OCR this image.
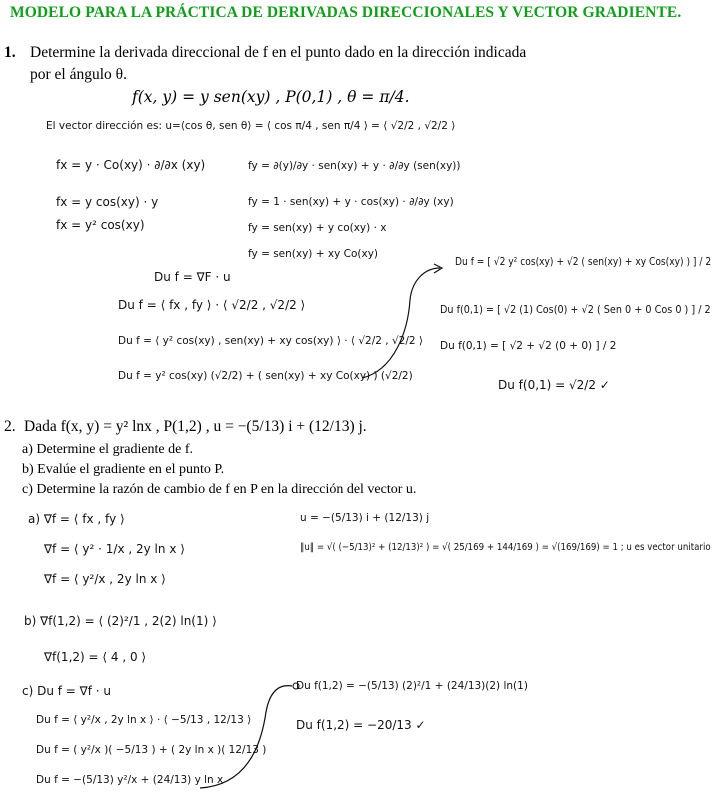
MODELO PARA LA PRÁCTICA DE DERIVADAS DIRECCIONALES Y VECTOR GRADIENTE.
1. Determine la derivada direccional de f en el punto dado en la dirección indicada
por el ángulo θ.
f(x, y) = y sen(xy) , P(0,1) , θ = π/4.
El vector dirección es: u=⟨cos θ, sen θ⟩ = ⟨ cos π/4 , sen π/4 ⟩ = ⟨ √2/2 , √2/2 ⟩
fx = y · Co(xy) · ∂/∂x (xy)
fx = y cos(xy) · y
fx = y² cos(xy)
fy = ∂(y)/∂y · sen(xy) + y · ∂/∂y (sen(xy))
fy = 1 · sen(xy) + y · cos(xy) · ∂/∂y (xy)
fy = sen(xy) + y co(xy) · x
fy = sen(xy) + xy Co(xy)
Du f = ∇F · u
Du f = ⟨ fx , fy ⟩ · ⟨ √2/2 , √2/2 ⟩
Du f = ⟨ y² cos(xy) , sen(xy) + xy cos(xy) ⟩ · ⟨ √2/2 , √2/2 ⟩
Du f = y² cos(xy) (√2/2) + ( sen(xy) + xy Co(xy) ) (√2/2)
Du f = [ √2 y² cos(xy) + √2 ( sen(xy) + xy Cos(xy) ) ] / 2
Du f(0,1) = [ √2 (1) Cos(0) + √2 ( Sen 0 + 0 Cos 0 ) ] / 2
Du f(0,1) = [ √2 + √2 (0 + 0) ] / 2
Du f(0,1) = √2/2 ✓
2. Dada f(x, y) = y² lnx , P(1,2) , u = −(5/13) i + (12/13) j.
a) Determine el gradiente de f.
b) Evalúe el gradiente en el punto P.
c) Determine la razón de cambio de f en P en la dirección del vector u.
a) ∇f = ⟨ fx , fy ⟩
∇f = ⟨ y² · 1/x , 2y ln x ⟩
∇f = ⟨ y²/x , 2y ln x ⟩
u = −(5/13) i + (12/13) j
‖u‖ = √( (−5/13)² + (12/13)² ) = √( 25/169 + 144/169 ) = √(169/169) = 1 ; u es vector unitario
b) ∇f(1,2) = ⟨ (2)²/1 , 2(2) ln(1) ⟩
∇f(1,2) = ⟨ 4 , 0 ⟩
c) Du f = ∇f · u
Du f = ⟨ y²/x , 2y ln x ⟩ · ⟨ −5/13 , 12/13 ⟩
Du f = ( y²/x )( −5/13 ) + ( 2y ln x )( 12/13 )
Du f = −(5/13) y²/x + (24/13) y ln x
Du f(1,2) = −(5/13) (2)²/1 + (24/13)(2) ln(1)
Du f(1,2) = −20/13 ✓
